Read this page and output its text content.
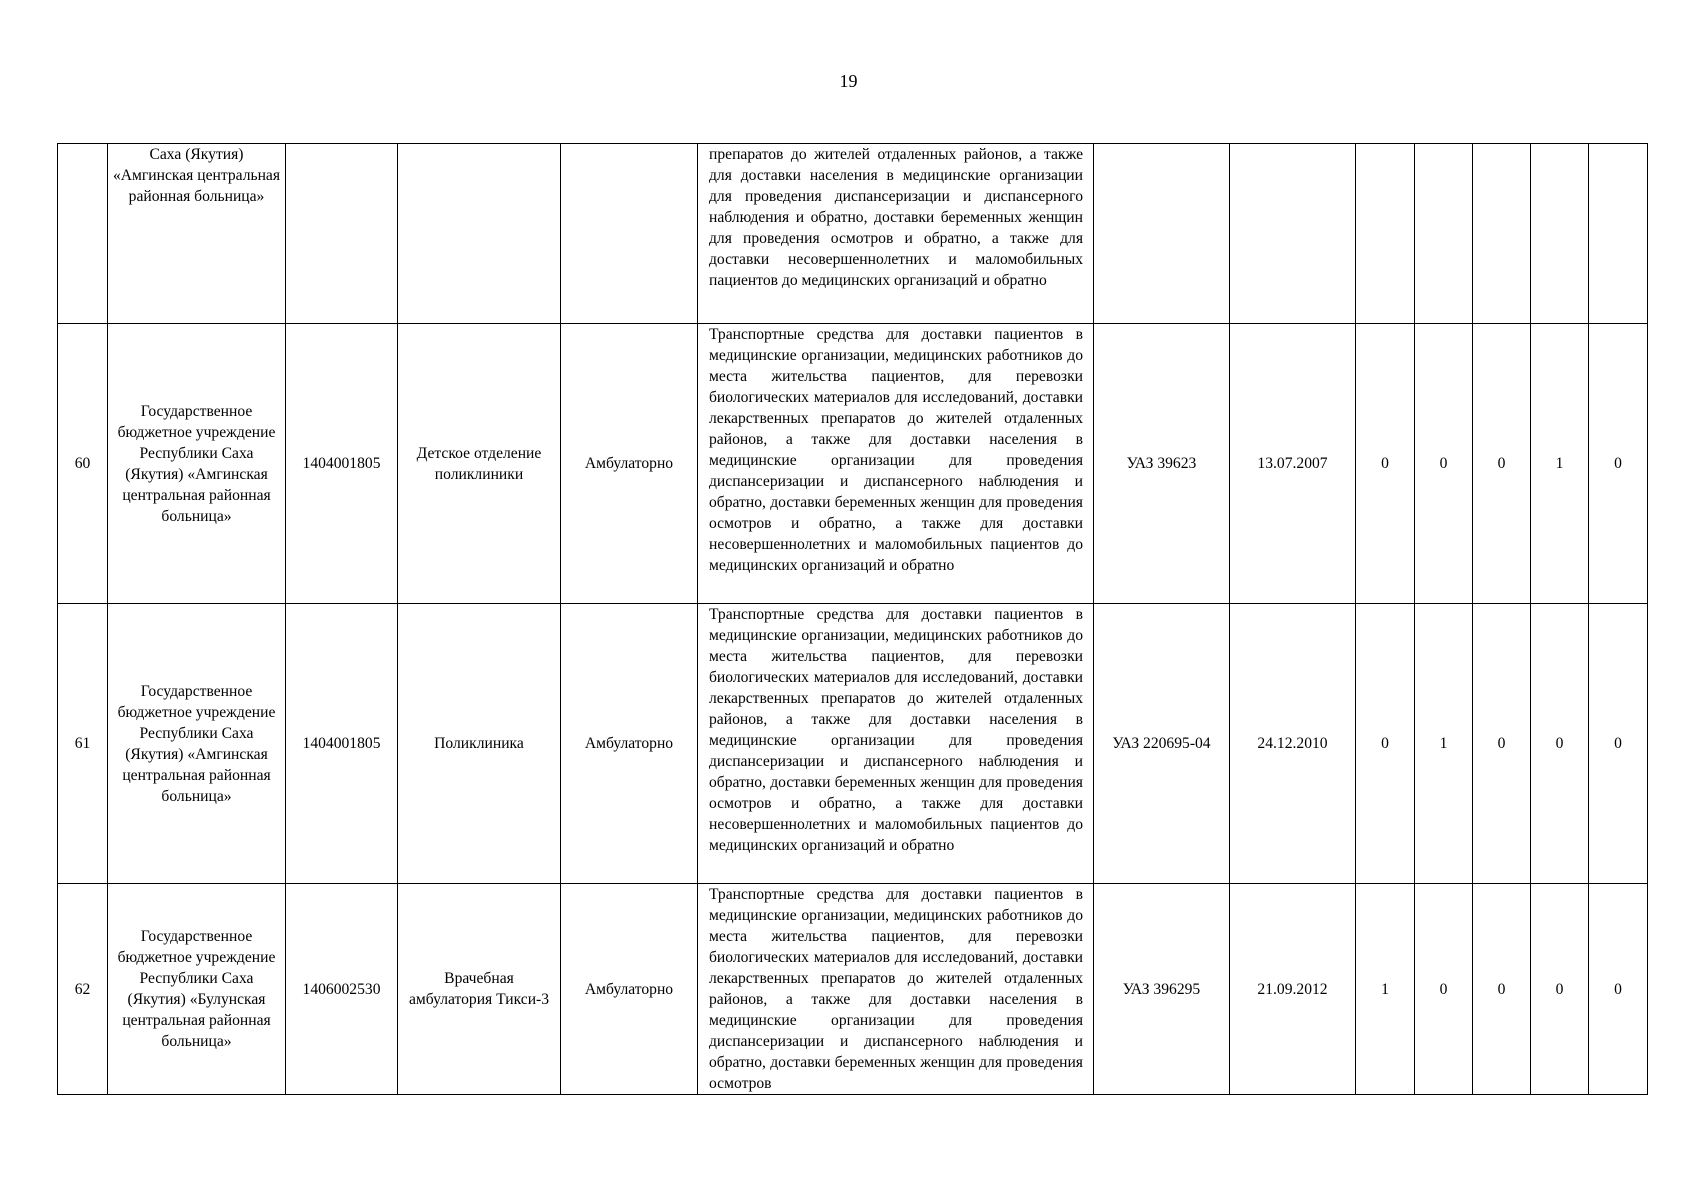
19
	Саха (Якутия) «Амгинская центральная районная больница»				препаратов до жителей отдаленных районов, а также для доставки населения в медицинские организации для проведения диспансеризации и диспансерного наблюдения и обратно, доставки беременных женщин для проведения осмотров и обратно, а также для доставки несовершеннолетних и маломобильных пациентов до медицинских организаций и обратно							
60	Государственное бюджетное учреждение Республики Саха (Якутия) «Амгинская центральная районная больница»	1404001805	Детское отделение поликлиники	Амбулаторно	Транспортные средства для доставки пациентов в медицинские организации, медицинских работников до места жительства пациентов, для перевозки биологических материалов для исследований, доставки лекарственных препаратов до жителей отдаленных районов, а также для доставки населения в медицинские организации для проведения диспансеризации и диспансерного наблюдения и обратно, доставки беременных женщин для проведения осмотров и обратно, а также для доставки несовершеннолетних и маломобильных пациентов до медицинских организаций и обратно	УАЗ 39623	13.07.2007	0	0	0	1	0
61	Государственное бюджетное учреждение Республики Саха (Якутия) «Амгинская центральная районная больница»	1404001805	Поликлиника	Амбулаторно	Транспортные средства для доставки пациентов в медицинские организации, медицинских работников до места жительства пациентов, для перевозки биологических материалов для исследований, доставки лекарственных препаратов до жителей отдаленных районов, а также для доставки населения в медицинские организации для проведения диспансеризации и диспансерного наблюдения и обратно, доставки беременных женщин для проведения осмотров и обратно, а также для доставки несовершеннолетних и маломобильных пациентов до медицинских организаций и обратно	УАЗ 220695-04	24.12.2010	0	1	0	0	0
62	Государственное бюджетное учреждение Республики Саха (Якутия) «Булунская центральная районная больница»	1406002530	Врачебная амбулатория Тикси-3	Амбулаторно	Транспортные средства для доставки пациентов в медицинские организации, медицинских работников до места жительства пациентов, для перевозки биологических материалов для исследований, доставки лекарственных препаратов до жителей отдаленных районов, а также для доставки населения в медицинские организации для проведения диспансеризации и диспансерного наблюдения и обратно, доставки беременных женщин для проведения осмотров	УАЗ 396295	21.09.2012	1	0	0	0	0
